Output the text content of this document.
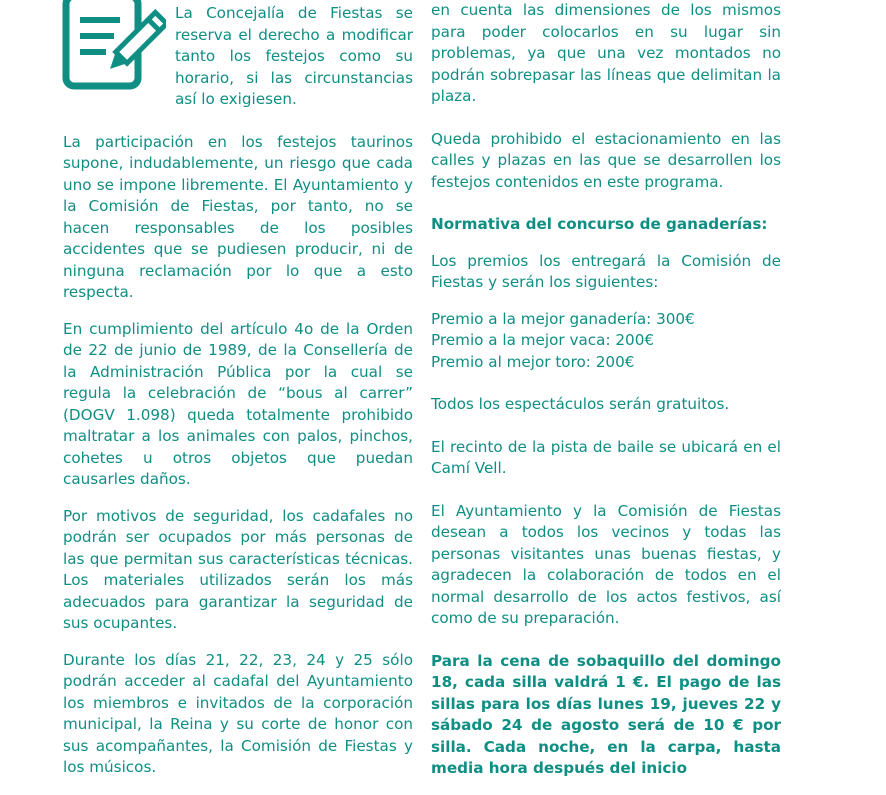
La Concejalía de Fiestas se reserva el derecho a modificar tanto los festejos como su horario, si las circunstancias así lo exigiesen.

La participación en los festejos taurinos supone, indudablemente, un riesgo que cada uno se impone libremente. El Ayuntamiento y la Comisión de Fiestas, por tanto, no se hacen responsables de los posibles accidentes que se pudiesen producir, ni de ninguna reclamación por lo que a esto respecta.

En cumplimiento del artículo 4o de la Orden de 22 de junio de 1989, de la Consellería de la Administración Pública por la cual se regula la celebración de “bous al carrer” (DOGV 1.098) queda totalmente prohibido maltratar a los animales con palos, pinchos, cohetes u otros objetos que puedan causarles daños.

Por motivos de seguridad, los cadafales no podrán ser ocupados por más personas de las que permitan sus características técnicas. Los materiales utilizados serán los más adecuados para garantizar la seguridad de sus ocupantes.

Durante los días 21, 22, 23, 24 y 25 sólo podrán acceder al cadafal del Ayuntamiento los miembros e invitados de la corporación municipal, la Reina y su corte de honor con sus acompañantes, la Comisión de Fiestas y los músicos.

en cuenta las dimensiones de los mismos para poder colocarlos en su lugar sin problemas, ya que una vez montados no podrán sobrepasar las líneas que delimitan la plaza.

Queda prohibido el estacionamiento en las calles y plazas en las que se desarrollen los festejos contenidos en este programa.

Normativa del concurso de ganaderías:

Los premios los entregará la Comisión de Fiestas y serán los siguientes:

Premio a la mejor ganadería: 300€

Premio a la mejor vaca: 200€

Premio al mejor toro: 200€

Todos los espectáculos serán gratuitos.

El recinto de la pista de baile se ubicará en el Camí Vell.

El Ayuntamiento y la Comisión de Fiestas desean a todos los vecinos y todas las personas visitantes unas buenas fiestas, y agradecen la colaboración de todos en el normal desarrollo de los actos festivos, así como de su preparación.

Para la cena de sobaquillo del domingo 18, cada silla valdrá 1 €. El pago de las sillas para los días lunes 19, jueves 22 y sábado 24 de agosto será de 10 € por silla. Cada noche, en la carpa, hasta media hora después del inicio
